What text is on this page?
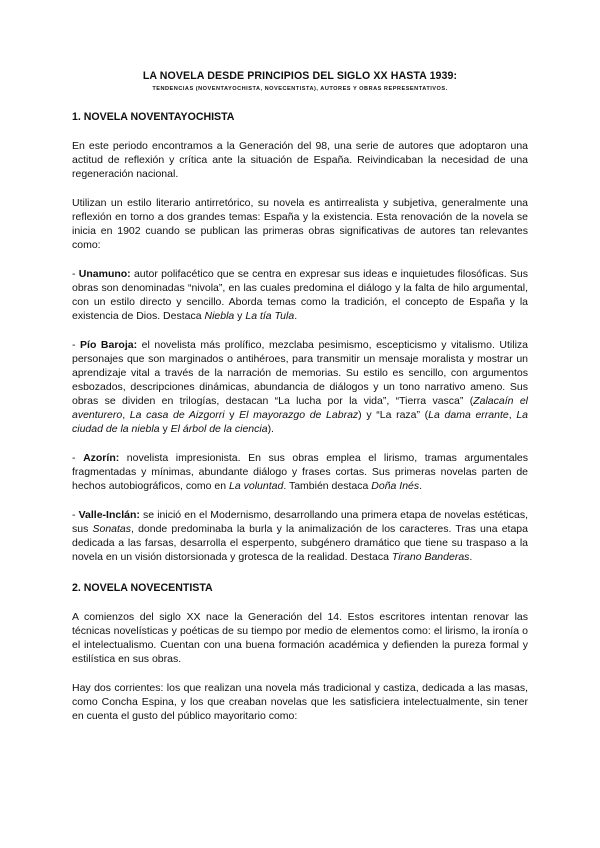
LA NOVELA DESDE PRINCIPIOS DEL SIGLO XX HASTA 1939:

TENDENCIAS (NOVENTAYOCHISTA, NOVECENTISTA), AUTORES Y OBRAS REPRESENTATIVOS.

1. NOVELA NOVENTAYOCHISTA

En este periodo encontramos a la Generación del 98, una serie de autores que adoptaron una actitud de reflexión y crítica ante la situación de España. Reivindicaban la necesidad de una regeneración nacional.

Utilizan un estilo literario antirretórico, su novela es antirrealista y subjetiva, generalmente una reflexión en torno a dos grandes temas: España y la existencia. Esta renovación de la novela se inicia en 1902 cuando se publican las primeras obras significativas de autores tan relevantes como:

- Unamuno: autor polifacético que se centra en expresar sus ideas e inquietudes filosóficas. Sus obras son denominadas “nivola”, en las cuales predomina el diálogo y la falta de hilo argumental, con un estilo directo y sencillo. Aborda temas como la tradición, el concepto de España y la existencia de Dios. Destaca Niebla y La tía Tula.

- Pío Baroja: el novelista más prolífico, mezclaba pesimismo, escepticismo y vitalismo. Utiliza personajes que son marginados o antihéroes, para transmitir un mensaje moralista y mostrar un aprendizaje vital a través de la narración de memorias. Su estilo es sencillo, con argumentos esbozados, descripciones dinámicas, abundancia de diálogos y un tono narrativo ameno. Sus obras se dividen en trilogías, destacan “La lucha por la vida”, “Tierra vasca” (Zalacaín el aventurero, La casa de Aizgorri y El mayorazgo de Labraz) y “La raza” (La dama errante, La ciudad de la niebla y El árbol de la ciencia).

- Azorín: novelista impresionista. En sus obras emplea el lirismo, tramas argumentales fragmentadas y mínimas, abundante diálogo y frases cortas. Sus primeras novelas parten de hechos autobiográficos, como en La voluntad. También destaca Doña Inés.

- Valle-Inclán: se inició en el Modernismo, desarrollando una primera etapa de novelas estéticas, sus Sonatas, donde predominaba la burla y la animalización de los caracteres. Tras una etapa dedicada a las farsas, desarrolla el esperpento, subgénero dramático que tiene su traspaso a la novela en un visión distorsionada y grotesca de la realidad. Destaca Tirano Banderas.

2. NOVELA NOVECENTISTA

A comienzos del siglo XX nace la Generación del 14. Estos escritores intentan renovar las técnicas novelísticas y poéticas de su tiempo por medio de elementos como: el lirismo, la ironía o el intelectualismo. Cuentan con una buena formación académica y defienden la pureza formal y estilística en sus obras.

Hay dos corrientes: los que realizan una novela más tradicional y castiza, dedicada a las masas, como Concha Espina, y los que creaban novelas que les satisficiera intelectualmente, sin tener en cuenta el gusto del público mayoritario como:
